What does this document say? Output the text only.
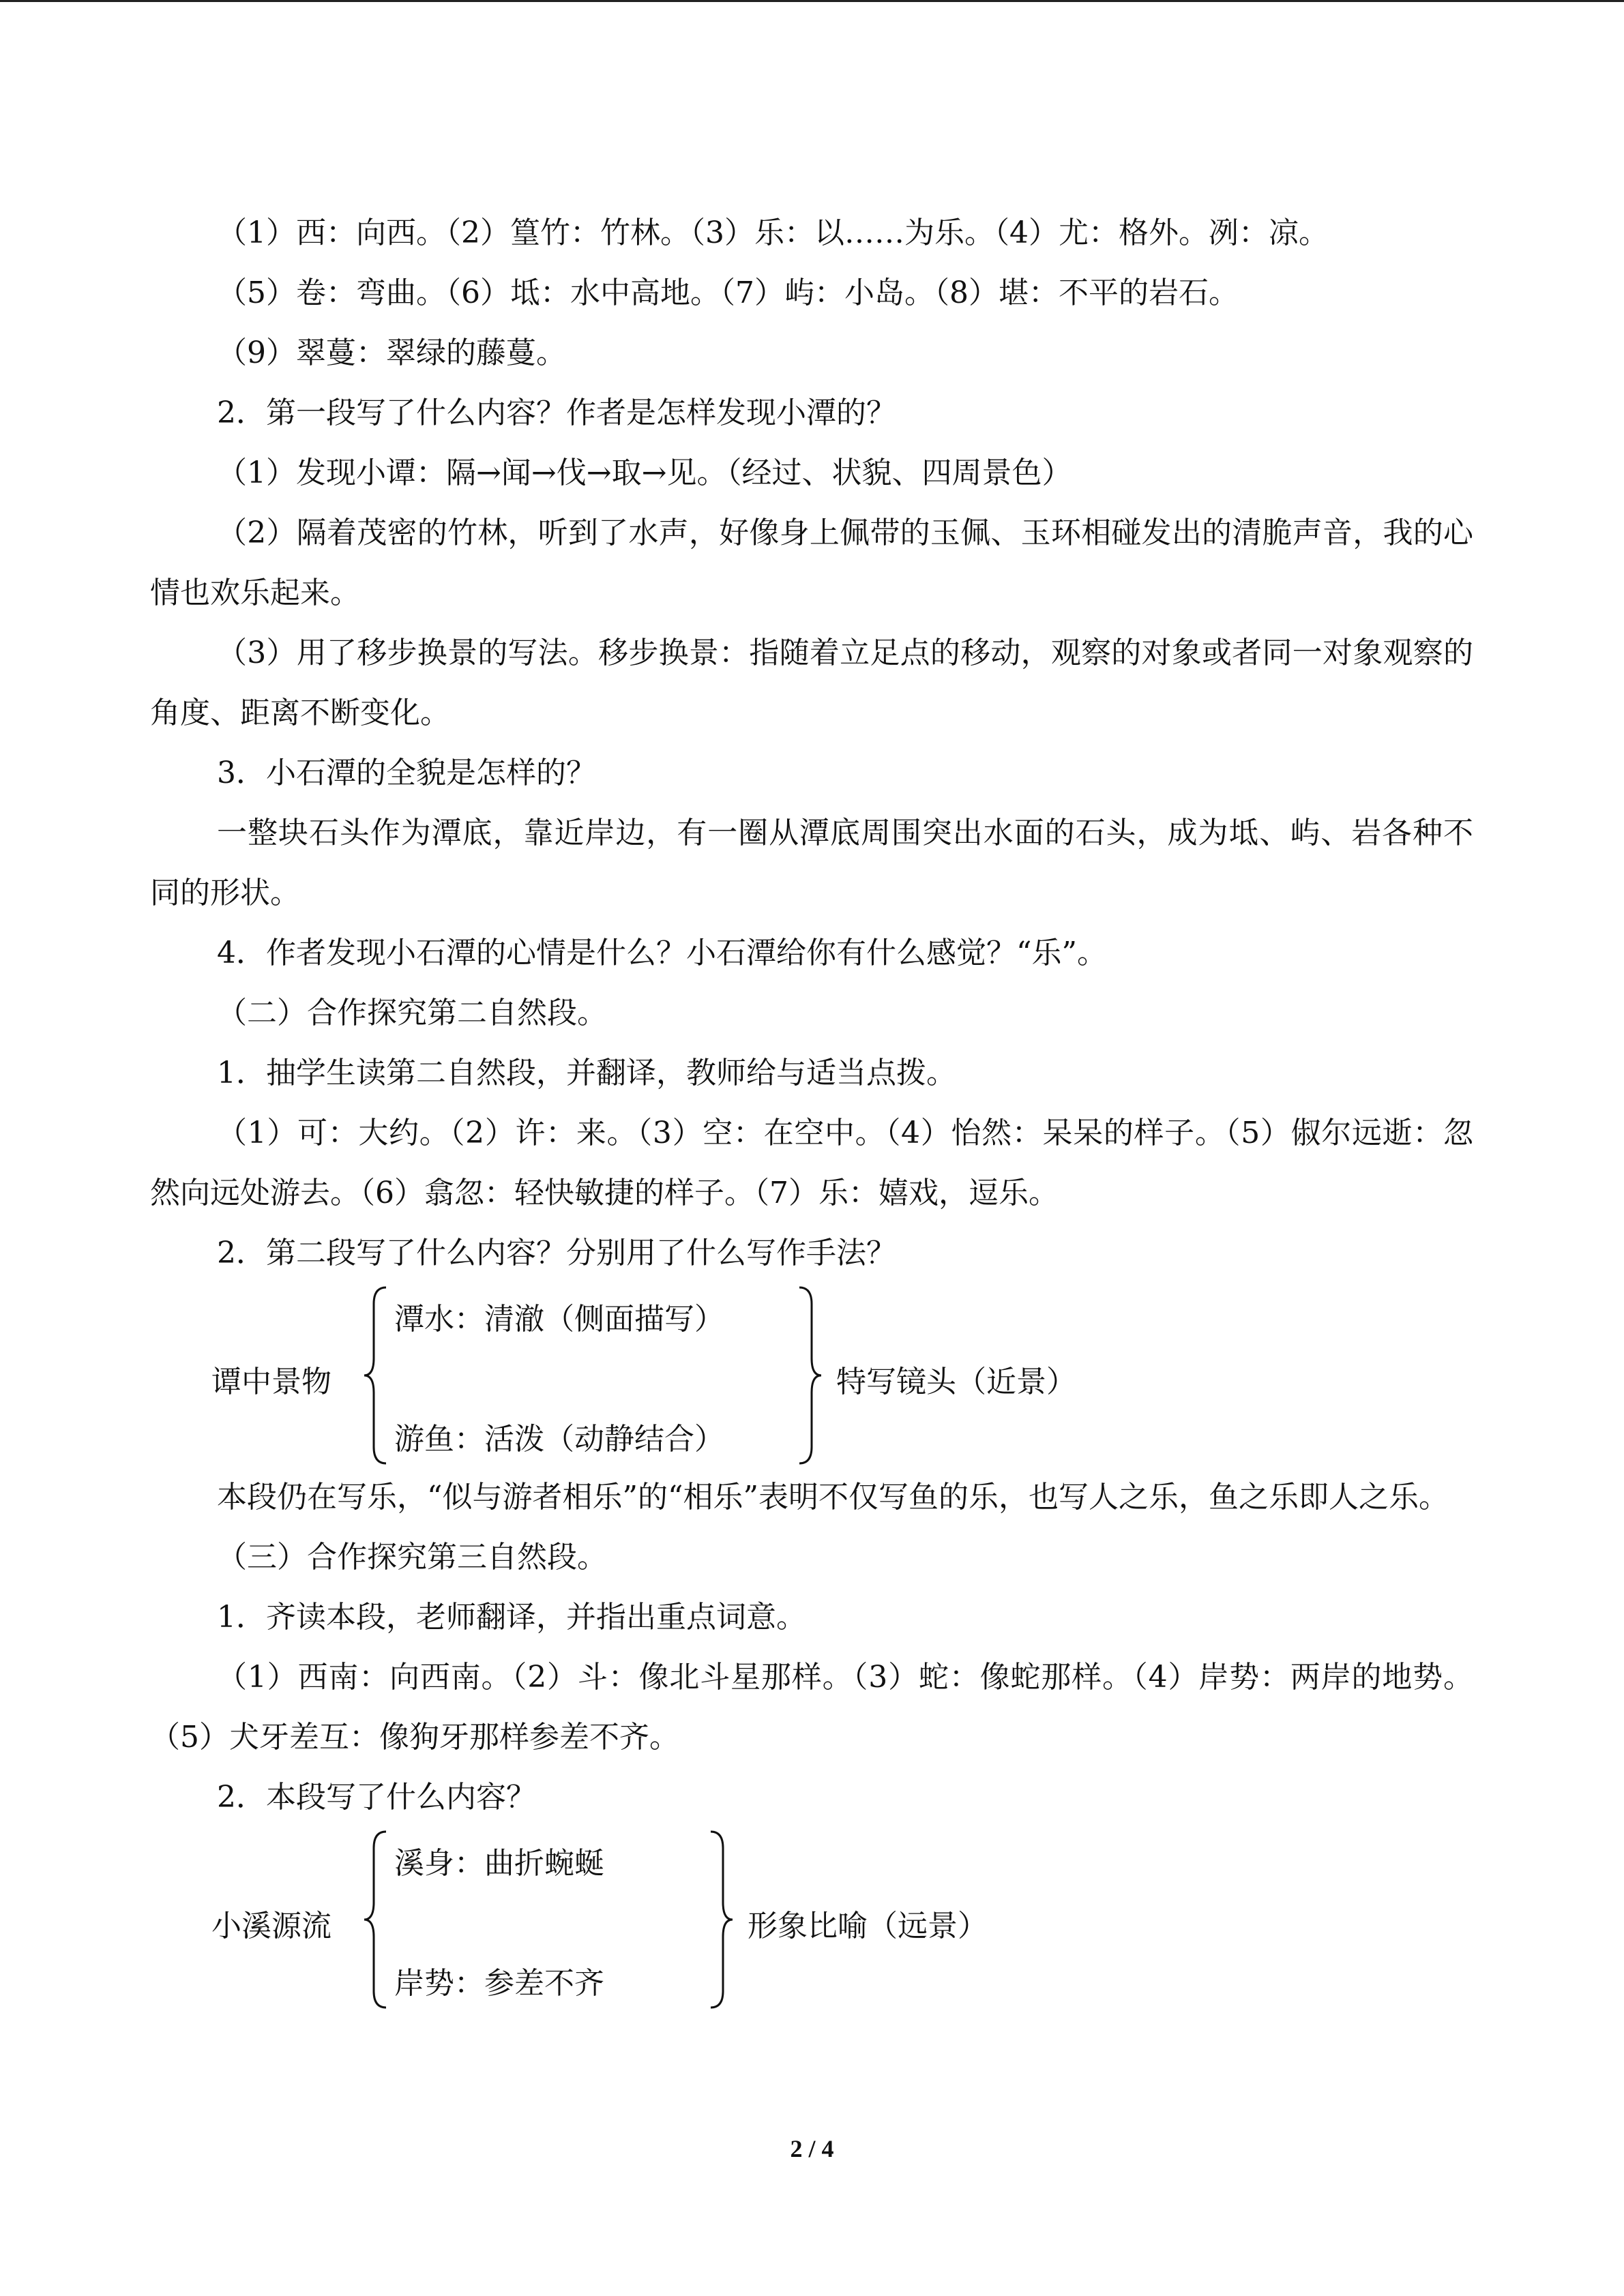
（1）西：向西。（2）篁竹：竹林。（3）乐：以……为乐。（4）尤：格外。冽：凉。

（5）卷：弯曲。（6）坻：水中高地。（7）屿：小岛。（8）堪：不平的岩石。

（9）翠蔓：翠绿的藤蔓。

2．第一段写了什么内容？作者是怎样发现小潭的？

（1）发现小谭：隔→闻→伐→取→见。（经过、状貌、四周景色）

（2）隔着茂密的竹林，听到了水声，好像身上佩带的玉佩、玉环相碰发出的清脆声音，我的心情也欢乐起来。

（3）用了移步换景的写法。移步换景：指随着立足点的移动，观察的对象或者同一对象观察的角度、距离不断变化。

3．小石潭的全貌是怎样的？

一整块石头作为潭底，靠近岸边，有一圈从潭底周围突出水面的石头，成为坻、屿、岩各种不同的形状。

4．作者发现小石潭的心情是什么？小石潭给你有什么感觉？“乐”。

（二）合作探究第二自然段。

1．抽学生读第二自然段，并翻译，教师给与适当点拨。

（1）可：大约。（2）许：来。（3）空：在空中。（4）怡然：呆呆的样子。（5）俶尔远逝：忽然向远处游去。（6）翕忽：轻快敏捷的样子。（7）乐：嬉戏，逗乐。

2．第二段写了什么内容？分别用了什么写作手法？

谭中景物
潭水：清澈（侧面描写）
游鱼：活泼（动静结合）
特写镜头（近景）

本段仍在写乐，“似与游者相乐”的“相乐”表明不仅写鱼的乐，也写人之乐，鱼之乐即人之乐。

（三）合作探究第三自然段。

1．齐读本段，老师翻译，并指出重点词意。

（1）西南：向西南。（2）斗：像北斗星那样。（3）蛇：像蛇那样。（4）岸势：两岸的地势。（5）犬牙差互：像狗牙那样参差不齐。

2．本段写了什么内容？

小溪源流
溪身：曲折蜿蜒
岸势：参差不齐
形象比喻（远景）
2 / 4
